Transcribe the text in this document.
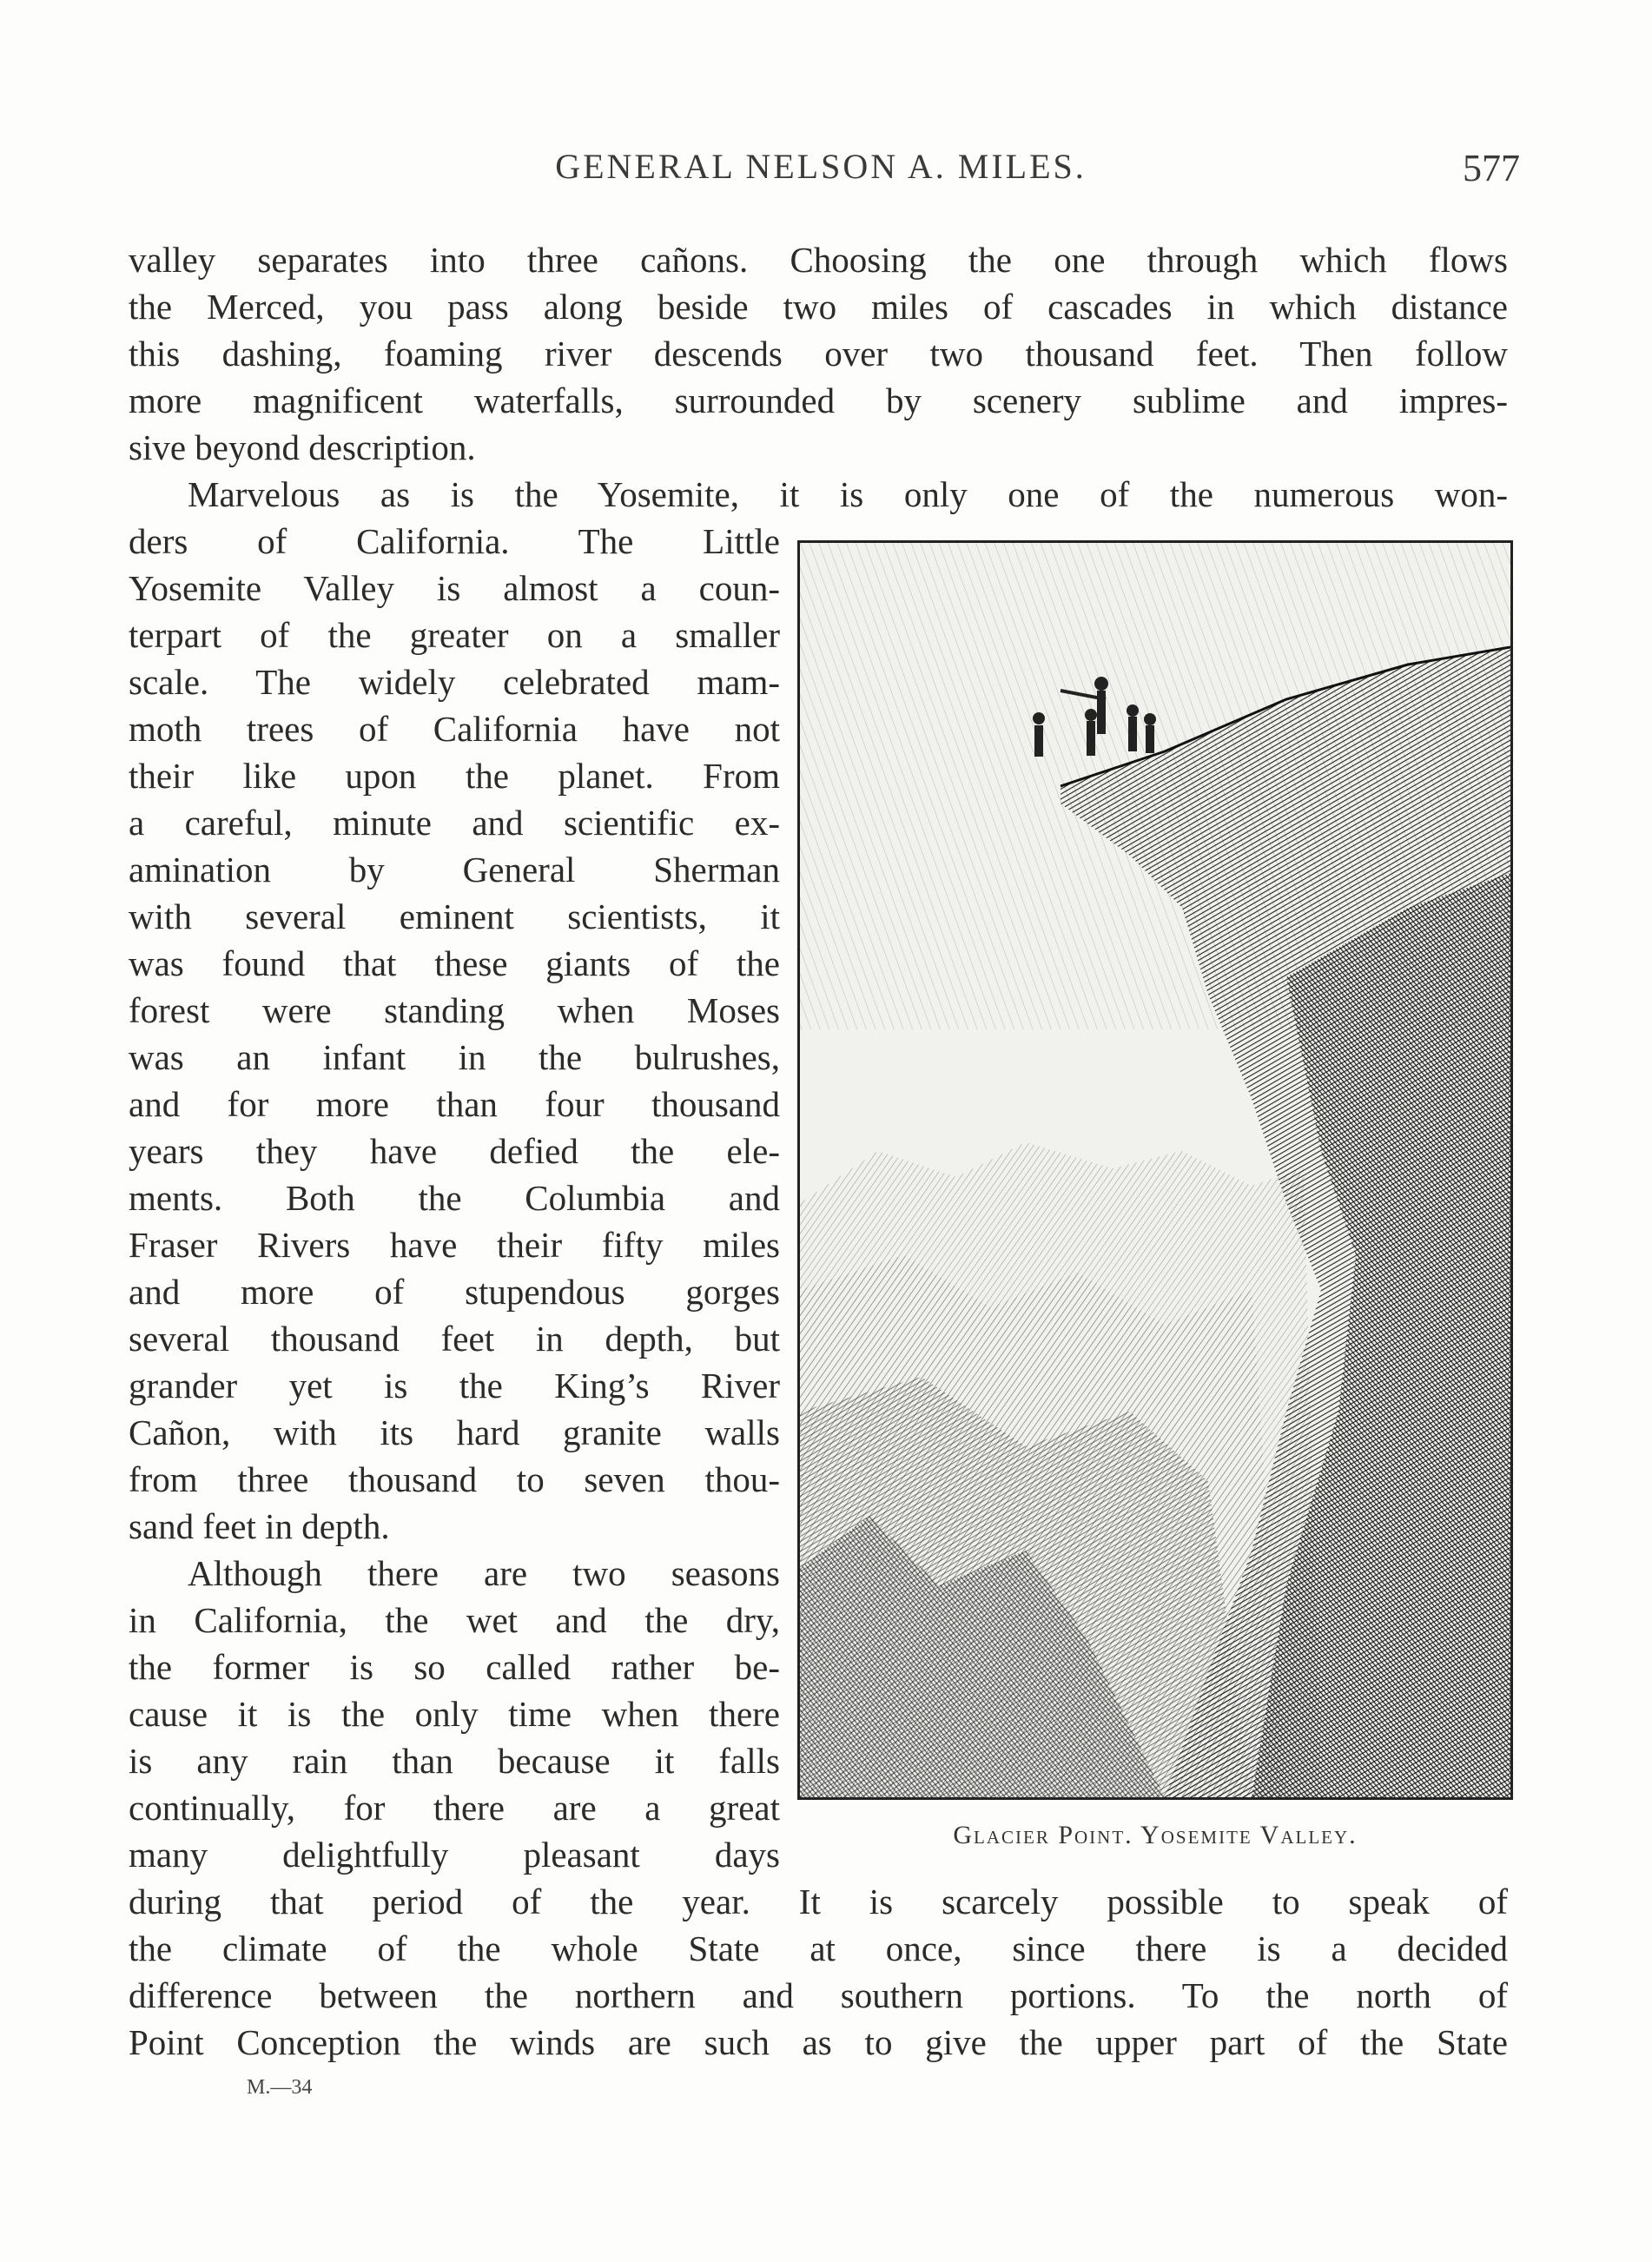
GENERAL NELSON A. MILES.	577
valley separates into three cañons. Choosing the one through which flows
the Merced, you pass along beside two miles of cascades in which distance
this dashing, foaming river descends over two thousand feet. Then follow
more magnificent waterfalls, surrounded by scenery sublime and impres-
sive beyond description.
Marvelous as is the Yosemite, it is only one of the numerous won-
ders of California. The Little
Yosemite Valley is almost a coun-
terpart of the greater on a smaller
scale. The widely celebrated mam-
moth trees of California have not
their like upon the planet. From
a careful, minute and scientific ex-
amination by General Sherman
with several eminent scientists, it
was found that these giants of the
forest were standing when Moses
was an infant in the bulrushes,
and for more than four thousand
years they have defied the ele-
ments. Both the Columbia and
Fraser Rivers have their fifty miles
and more of stupendous gorges
several thousand feet in depth, but
grander yet is the King’s River
Cañon, with its hard granite walls
from three thousand to seven thou-
sand feet in depth.
Although there are two seasons
in California, the wet and the dry,
the former is so called rather be-
cause it is the only time when there
is any rain than because it falls
continually, for there are a great
many delightfully pleasant days
during that period of the year. It is scarcely possible to speak of
the climate of the whole State at once, since there is a decided
difference between the northern and southern portions. To the north of
Point Conception the winds are such as to give the upper part of the State
Glacier Point. Yosemite Valley.
M.—34
